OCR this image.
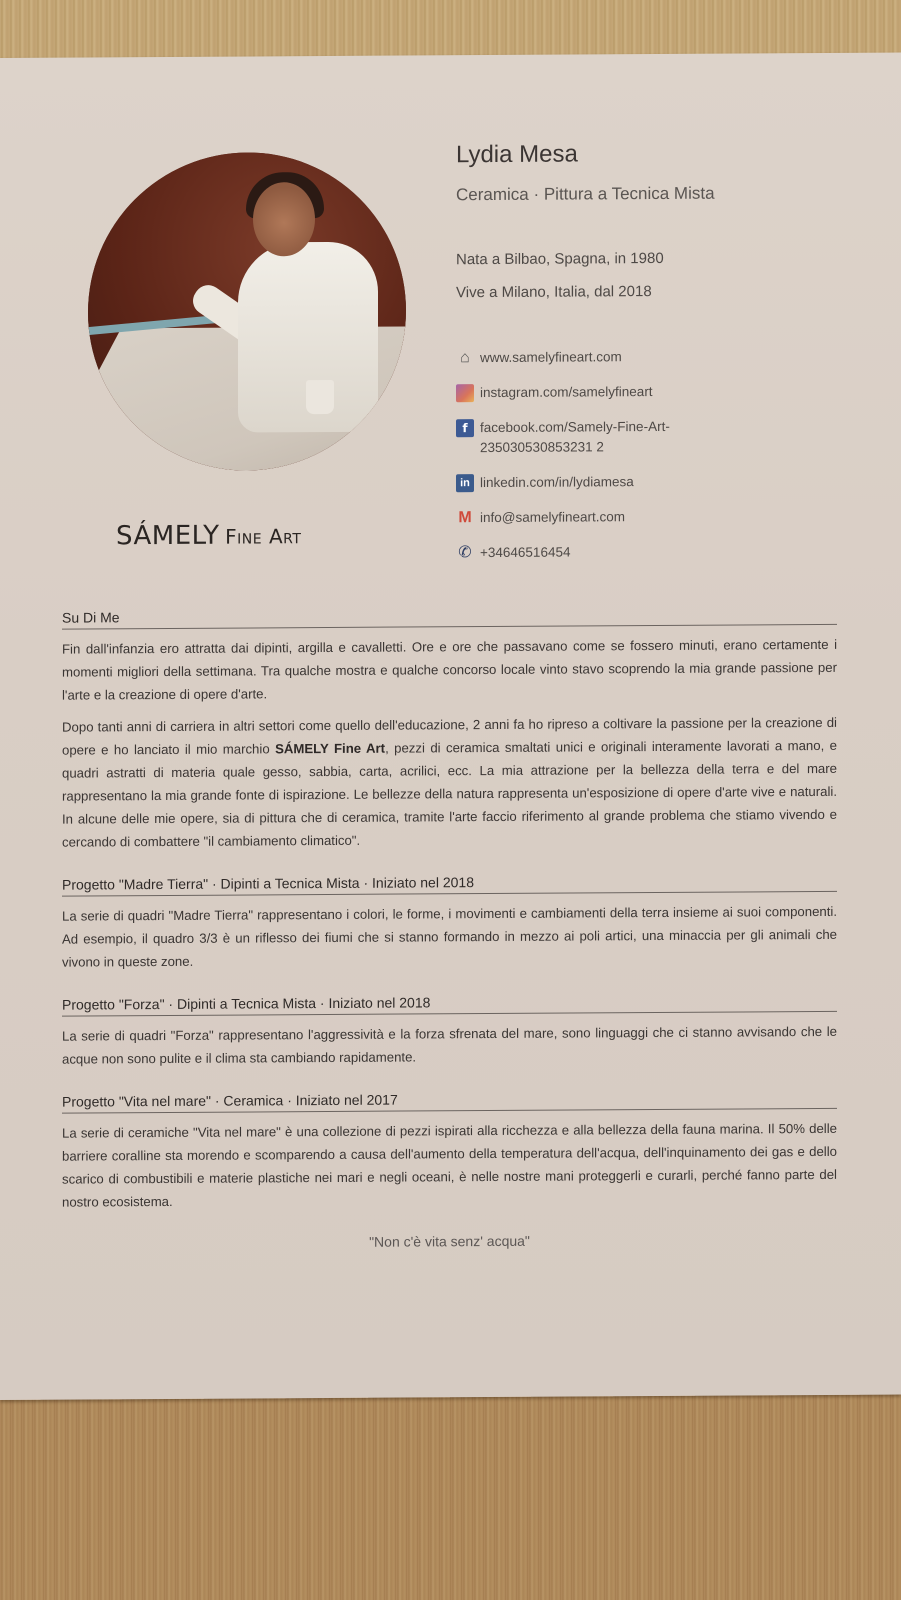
SÁMELY Fine Art
Lydia Mesa
Ceramica · Pittura a Tecnica Mista
Nata a Bilbao, Spagna, in 1980
Vive a Milano, Italia, dal 2018
⌂ www.samelyfineart.com
instagram.com/samelyfineart
f facebook.com/Samely-Fine-Art-235030530853231 2
in linkedin.com/in/lydiamesa
M info@samelyfineart.com
✆ +34646516454
Su Di Me

Fin dall'infanzia ero attratta dai dipinti, argilla e cavalletti. Ore e ore che passavano come se fossero minuti, erano certamente i momenti migliori della settimana. Tra qualche mostra e qualche concorso locale vinto stavo scoprendo la mia grande passione per l'arte e la creazione di opere d'arte.

Dopo tanti anni di carriera in altri settori come quello dell'educazione, 2 anni fa ho ripreso a coltivare la passione per la creazione di opere e ho lanciato il mio marchio SÁMELY Fine Art, pezzi di ceramica smaltati unici e originali interamente lavorati a mano, e quadri astratti di materia quale gesso, sabbia, carta, acrilici, ecc. La mia attrazione per la bellezza della terra e del mare rappresentano la mia grande fonte di ispirazione. Le bellezze della natura rappresenta un'esposizione di opere d'arte vive e naturali. In alcune delle mie opere, sia di pittura che di ceramica, tramite l'arte faccio riferimento al grande problema che stiamo vivendo e cercando di combattere "il cambiamento climatico".

Progetto "Madre Tierra" · Dipinti a Tecnica Mista · Iniziato nel 2018

La serie di quadri "Madre Tierra" rappresentano i colori, le forme, i movimenti e cambiamenti della terra insieme ai suoi componenti. Ad esempio, il quadro 3/3 è un riflesso dei fiumi che si stanno formando in mezzo ai poli artici, una minaccia per gli animali che vivono in queste zone.

Progetto "Forza" · Dipinti a Tecnica Mista · Iniziato nel 2018

La serie di quadri "Forza" rappresentano l'aggressività e la forza sfrenata del mare, sono linguaggi che ci stanno avvisando che le acque non sono pulite e il clima sta cambiando rapidamente.

Progetto "Vita nel mare" · Ceramica · Iniziato nel 2017

La serie di ceramiche "Vita nel mare" è una collezione di pezzi ispirati alla ricchezza e alla bellezza della fauna marina. Il 50% delle barriere coralline sta morendo e scomparendo a causa dell'aumento della temperatura dell'acqua, dell'inquinamento dei gas e dello scarico di combustibili e materie plastiche nei mari e negli oceani, è nelle nostre mani proteggerli e curarli, perché fanno parte del nostro ecosistema.

"Non c'è vita senz' acqua"
